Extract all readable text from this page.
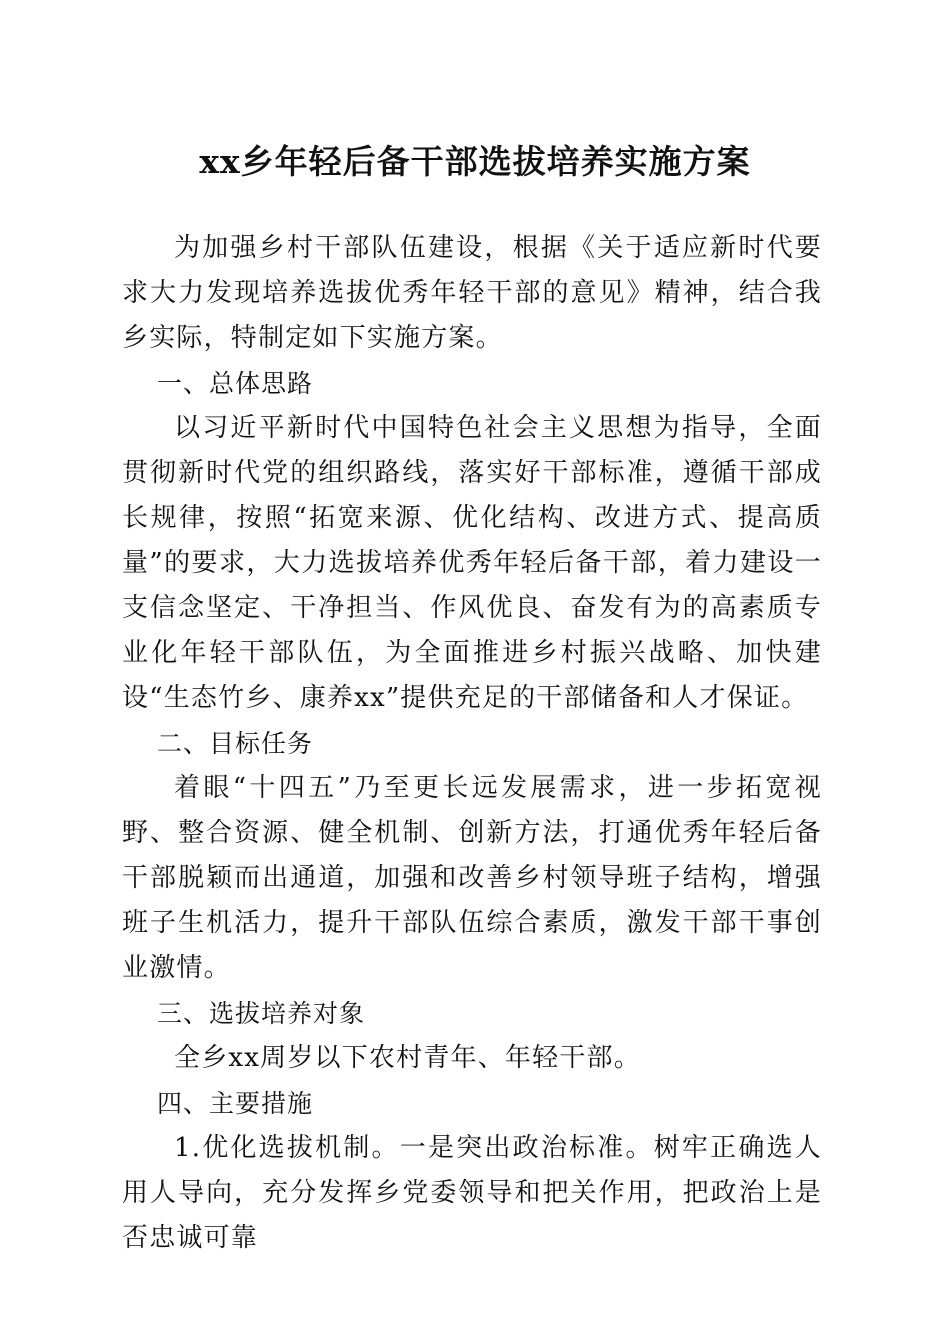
xx乡年轻后备干部选拔培养实施方案

为加强乡村干部队伍建设，根据《关于适应新时代要求大力发现培养选拔优秀年轻干部的意见》精神，结合我乡实际，特制定如下实施方案。

一、总体思路

以习近平新时代中国特色社会主义思想为指导，全面贯彻新时代党的组织路线，落实好干部标准，遵循干部成长规律，按照“拓宽来源、优化结构、改进方式、提高质量”的要求，大力选拔培养优秀年轻后备干部，着力建设一支信念坚定、干净担当、作风优良、奋发有为的高素质专业化年轻干部队伍，为全面推进乡村振兴战略、加快建设“生态竹乡、康养xx”提供充足的干部储备和人才保证。

二、目标任务

着眼“十四五”乃至更长远发展需求，进一步拓宽视野、整合资源、健全机制、创新方法，打通优秀年轻后备干部脱颖而出通道，加强和改善乡村领导班子结构，增强班子生机活力，提升干部队伍综合素质，激发干部干事创业激情。

三、选拔培养对象

全乡xx周岁以下农村青年、年轻干部。

四、主要措施

1.优化选拔机制。一是突出政治标准。树牢正确选人用人导向，充分发挥乡党委领导和把关作用，把政治上是否忠诚可靠
